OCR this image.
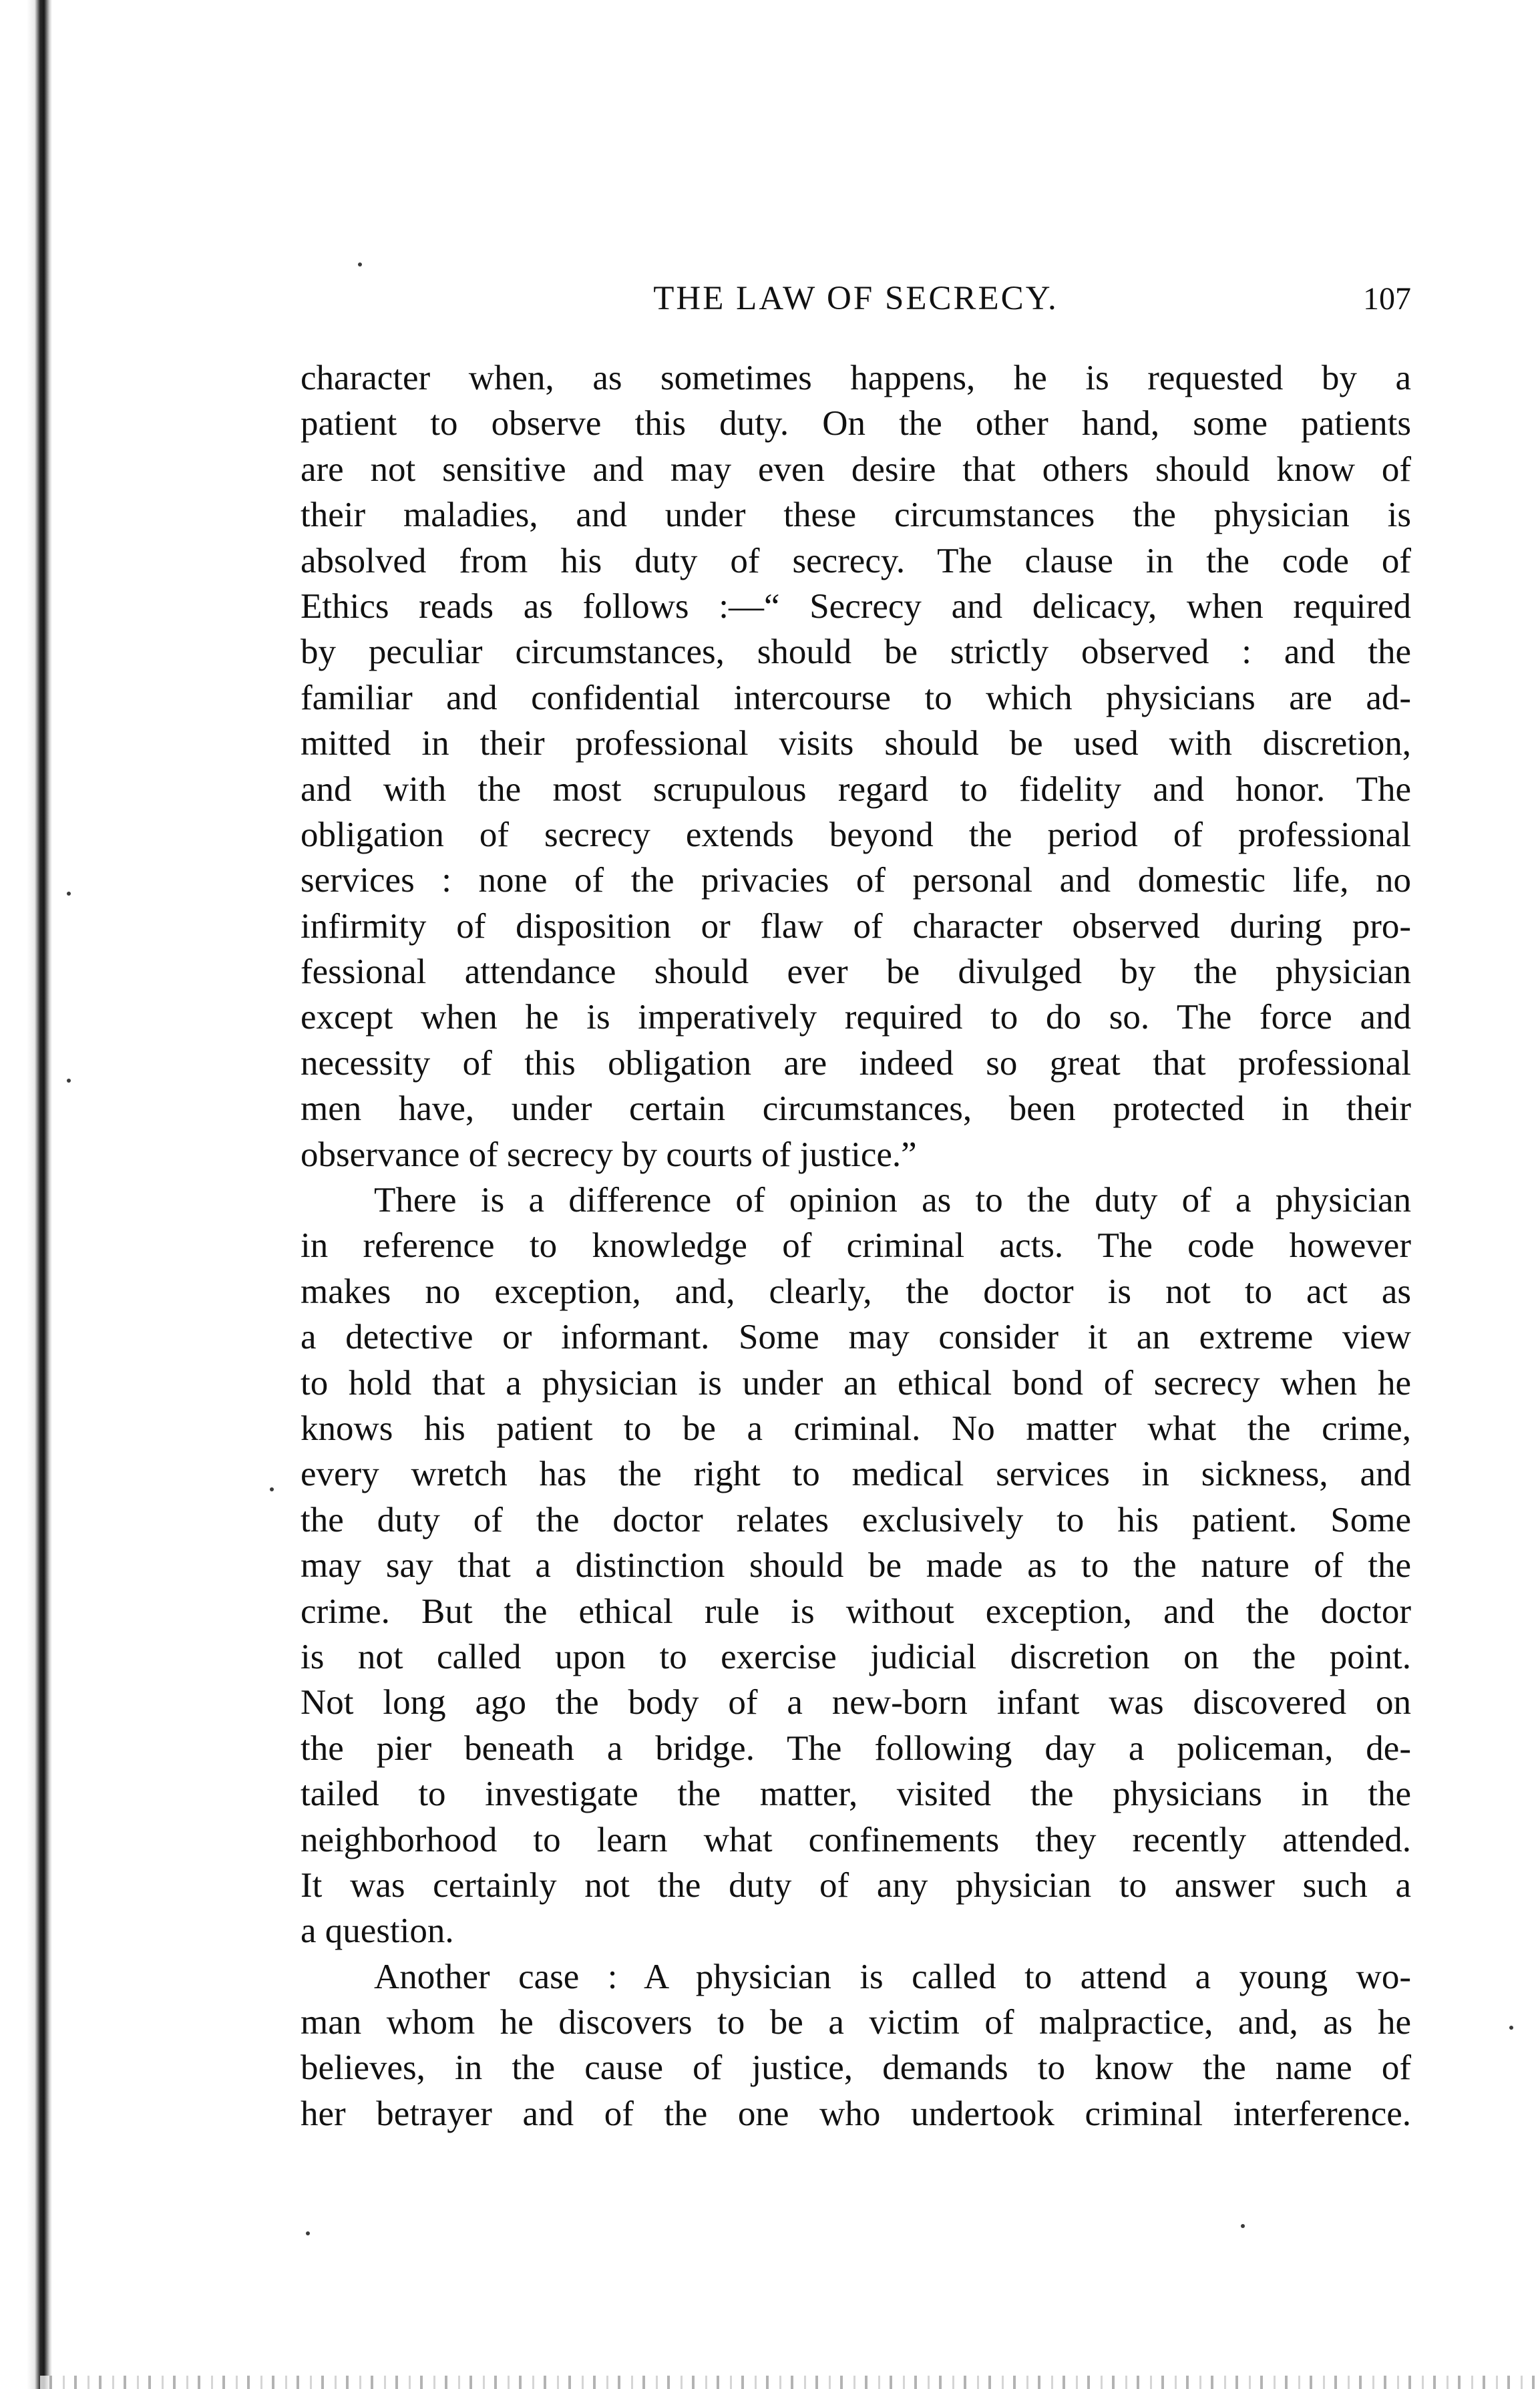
THE LAW OF SECRECY.	107
character when, as sometimes happens, he is requested by a
patient to observe this duty. On the other hand, some patients
are not sensitive and may even desire that others should know of
their maladies, and under these circumstances the physician is
absolved from his duty of secrecy. The clause in the code of
Ethics reads as follows :—“ Secrecy and delicacy, when required
by peculiar circumstances, should be strictly observed : and the
familiar and confidential intercourse to which physicians are ad-
mitted in their professional visits should be used with discretion,
and with the most scrupulous regard to fidelity and honor. The
obligation of secrecy extends beyond the period of professional
services : none of the privacies of personal and domestic life, no
infirmity of disposition or flaw of character observed during pro-
fessional attendance should ever be divulged by the physician
except when he is imperatively required to do so. The force and
necessity of this obligation are indeed so great that professional
men have, under certain circumstances, been protected in their
observance of secrecy by courts of justice.”
There is a difference of opinion as to the duty of a physician
in reference to knowledge of criminal acts. The code however
makes no exception, and, clearly, the doctor is not to act as
a detective or informant. Some may consider it an extreme view
to hold that a physician is under an ethical bond of secrecy when he
knows his patient to be a criminal. No matter what the crime,
every wretch has the right to medical services in sickness, and
the duty of the doctor relates exclusively to his patient. Some
may say that a distinction should be made as to the nature of the
crime. But the ethical rule is without exception, and the doctor
is not called upon to exercise judicial discretion on the point.
Not long ago the body of a new-born infant was discovered on
the pier beneath a bridge. The following day a policeman, de-
tailed to investigate the matter, visited the physicians in the
neighborhood to learn what confinements they recently attended.
It was certainly not the duty of any physician to answer such a
a question.
Another case : A physician is called to attend a young wo-
man whom he discovers to be a victim of malpractice, and, as he
believes, in the cause of justice, demands to know the name of
her betrayer and of the one who undertook criminal interference.
